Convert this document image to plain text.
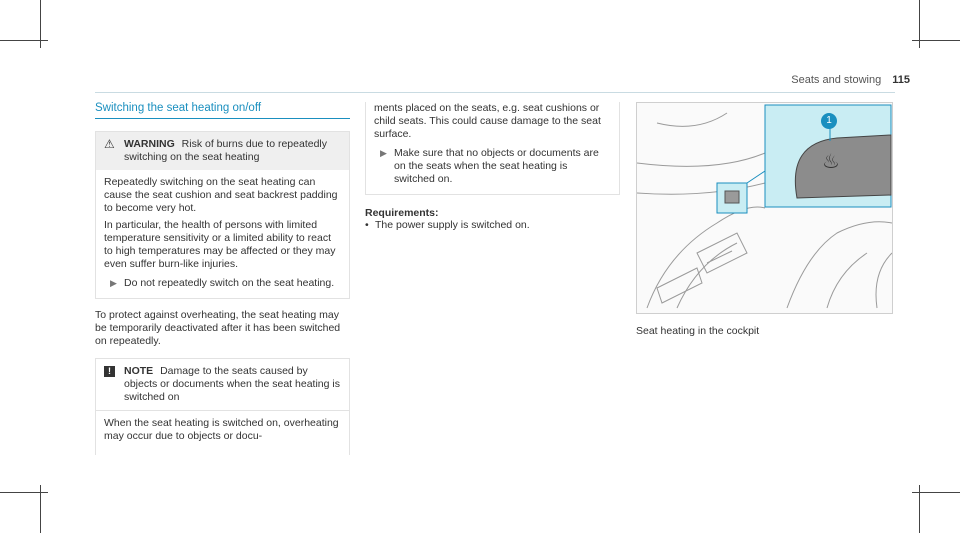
Seats and stowing 115
Switching the seat heating on/off
⚠ WARNING Risk of burns due to repeatedly switching on the seat heating

Repeatedly switching on the seat heating can cause the seat cushion and seat backrest padding to become very hot.

In particular, the health of persons with limited temperature sensitivity or a limited ability to react to high temperatures may be affected or they may even suffer burn-like injuries.

▶ Do not repeatedly switch on the seat heating.

To protect against overheating, the seat heating may be temporarily deactivated after it has been switched on repeatedly.

!	NOTE Damage to the seats caused by objects or documents when the seat heating is switched on

When the seat heating is switched on, overheating may occur due to objects or docu-

ments placed on the seats, e.g. seat cushions or child seats. This could cause damage to the seat surface.

▶ Make sure that no objects or documents are on the seats when the seat heating is switched on.
Requirements:
• The power supply is switched on.
♨
1
Seat heating in the cockpit
